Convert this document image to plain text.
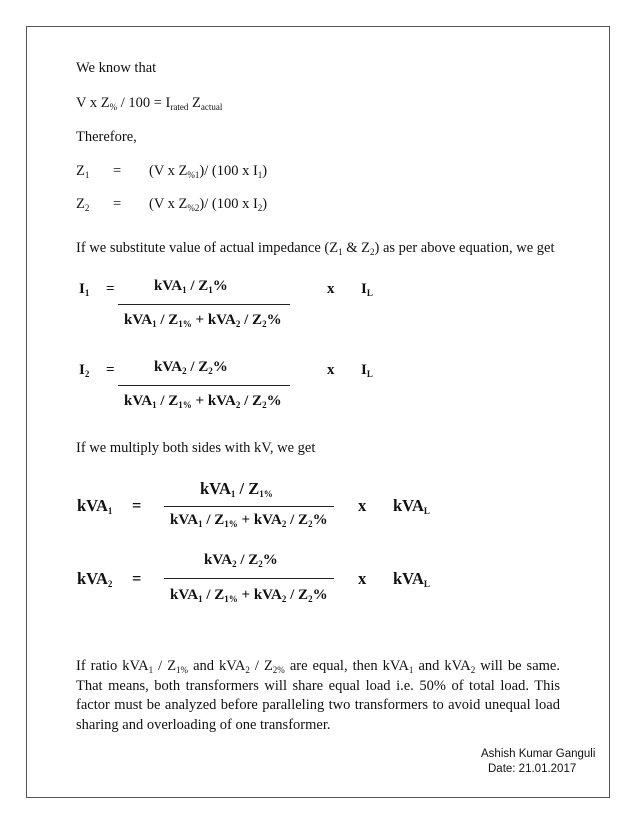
We know that
V x $Z_{\%} / 100 = I_{rated}$ $Z_{actual}$
Therefore,
$Z_1 = (V$ x $Z_{\%1})/$ (100 x $I_1$)
$Z_2 = (V$ x $Z_{\%2})/$ (100 x $I_2$)
If we substitute value of actual impedance ($Z_1$ & $Z_2$) as per above equation, we get
$I_1$ =	$kVA_1 / Z_1\%$
$kVA_1 / Z_{1\%} + kVA_2 / Z_2\%$
x $I_L$
$I_2$ =	$kVA_2 / Z_2\%$
$kVA_1 / Z_{1\%} + kVA_2 / Z_2\%$
x $I_L$
If we multiply both sides with kV, we get
kVA$_1$ =
$kVA_1 / Z_{1\%}$
$kVA_1 / Z_{1\%} + kVA_2 / Z_2\%$
x kVA$_L$
kVA$_2$ =
$kVA_2 / Z_2\%$
$kVA_1 / Z_{1\%} + kVA_2 / Z_2\%$
x kVA$_L$
If ratio $kVA_1 / Z_{1\%}$ and $kVA_2 / Z_{2\%}$ are equal, then kVA$_1$ and kVA$_2$ will be same. That means, both transformers will share equal load i.e. 50% of total load. This factor must be analyzed before paralleling two transformers to avoid unequal load sharing and overloading of one transformer.
Ashish Kumar Ganguli
Date: 21.01.2017
